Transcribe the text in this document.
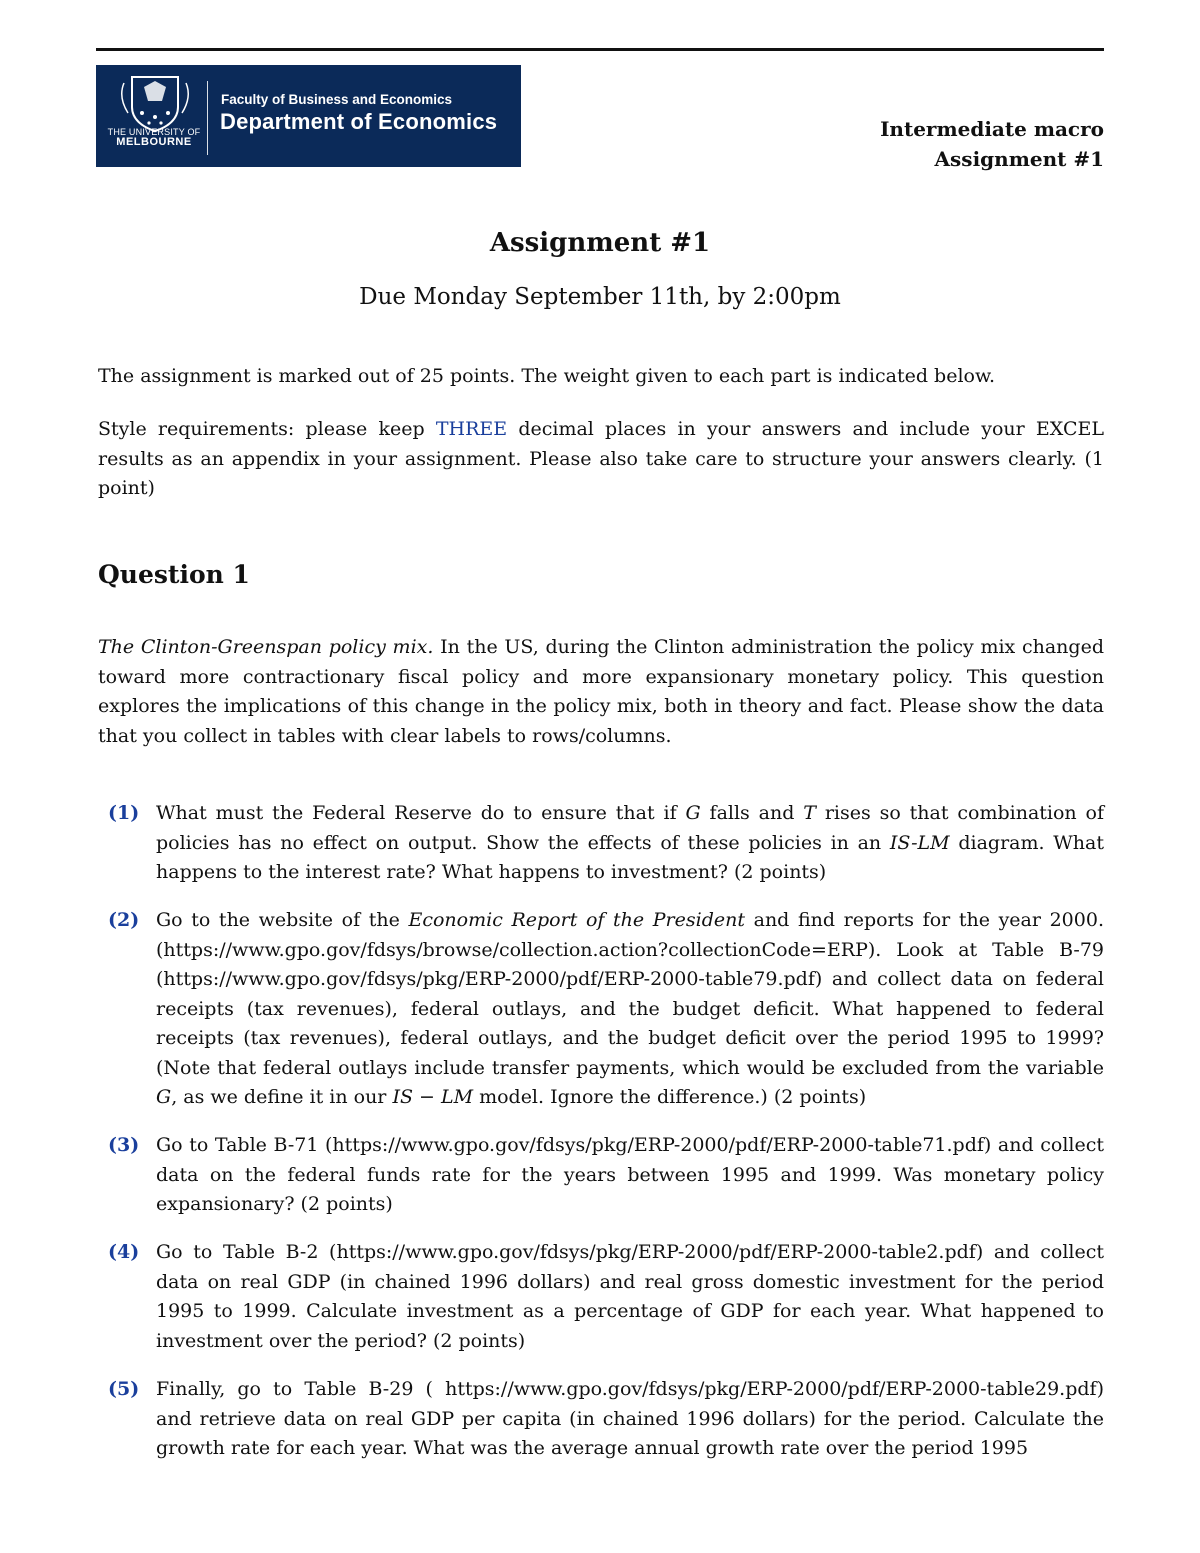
THE UNIVERSITY OF
MELBOURNE
Faculty of Business and Economics
Department of Economics	Intermediate macro
Assignment #1
Assignment #1
Due Monday September 11th, by 2:00pm
The assignment is marked out of 25 points. The weight given to each part is indicated below.
Style requirements: please keep THREE decimal places in your answers and include your EXCEL results as an appendix in your assignment. Please also take care to structure your answers clearly. (1 point)
Question 1
The Clinton-Greenspan policy mix. In the US, during the Clinton administration the policy mix changed toward more contractionary fiscal policy and more expansionary monetary policy. This question explores the implications of this change in the policy mix, both in theory and fact. Please show the data that you collect in tables with clear labels to rows/columns.
(1) What must the Federal Reserve do to ensure that if G falls and T rises so that combination of policies has no effect on output. Show the effects of these policies in an IS-LM diagram. What happens to the interest rate? What happens to investment? (2 points)
(2) Go to the website of the Economic Report of the President and find reports for the year 2000. (https://www.gpo.gov/fdsys/browse/collection.action?collectionCode=ERP). Look at Table B-79 (https://www.gpo.gov/fdsys/pkg/ERP-2000/pdf/ERP-2000-table79.pdf) and collect data on federal receipts (tax revenues), federal outlays, and the budget deficit. What happened to federal receipts (tax revenues), federal outlays, and the budget deficit over the period 1995 to 1999? (Note that federal outlays include transfer payments, which would be excluded from the variable G, as we define it in our IS − LM model. Ignore the difference.) (2 points)
(3) Go to Table B-71 (https://www.gpo.gov/fdsys/pkg/ERP-2000/pdf/ERP-2000-table71.pdf) and collect data on the federal funds rate for the years between 1995 and 1999. Was monetary policy expansionary? (2 points)
(4) Go to Table B-2 (https://www.gpo.gov/fdsys/pkg/ERP-2000/pdf/ERP-2000-table2.pdf) and collect data on real GDP (in chained 1996 dollars) and real gross domestic investment for the period 1995 to 1999. Calculate investment as a percentage of GDP for each year. What happened to investment over the period? (2 points)
(5) Finally, go to Table B-29 ( https://www.gpo.gov/fdsys/pkg/ERP-2000/pdf/ERP-2000-table29.pdf) and retrieve data on real GDP per capita (in chained 1996 dollars) for the period. Calculate the growth rate for each year. What was the average annual growth rate over the period 1995
